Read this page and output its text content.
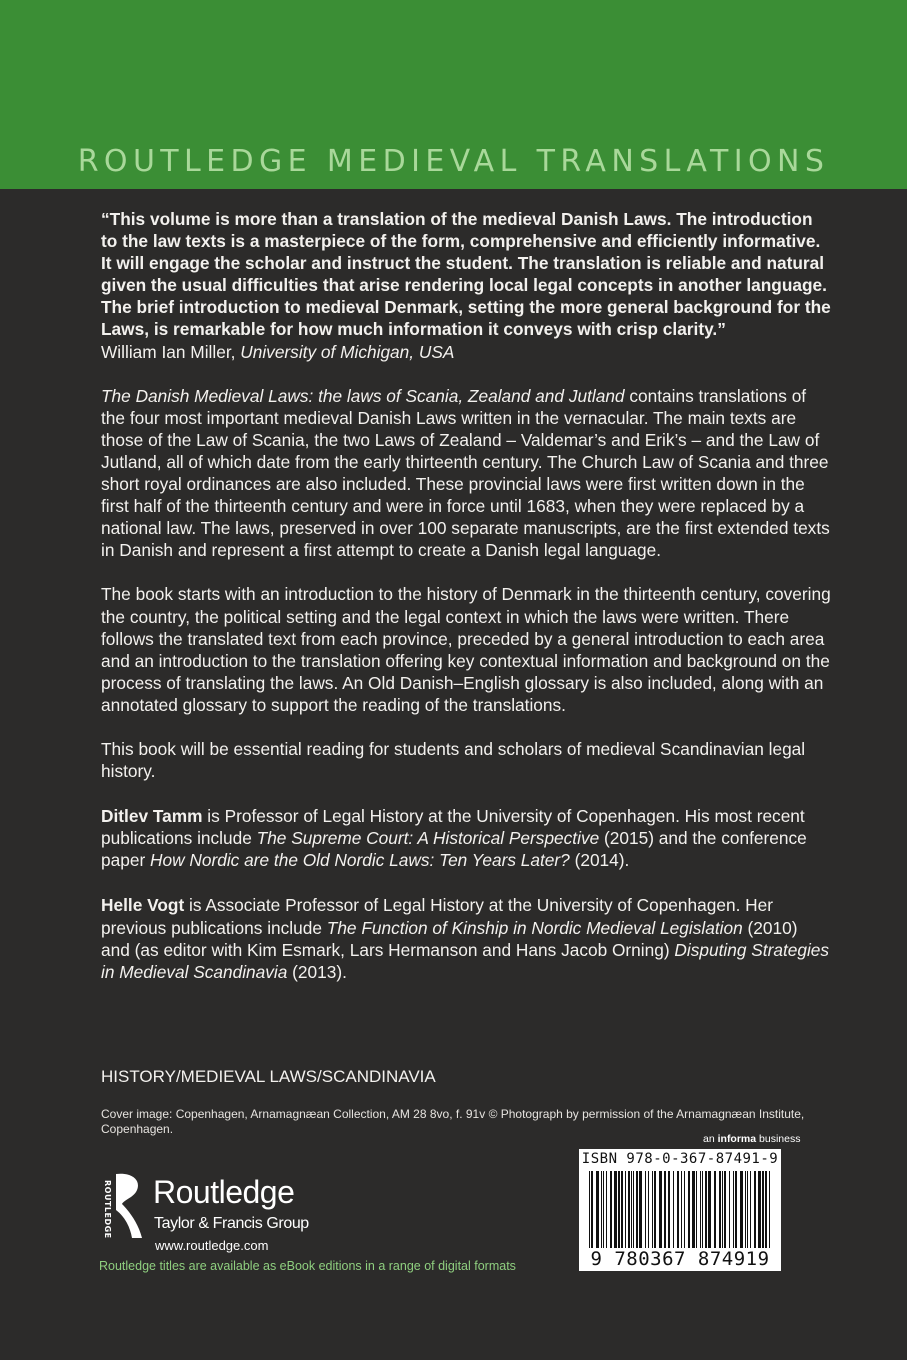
ROUTLEDGE MEDIEVAL TRANSLATIONS

“This volume is more than a translation of the medieval Danish Laws. The introduction to the law texts is a masterpiece of the form, comprehensive and efficiently informative. It will engage the scholar and instruct the student. The translation is reliable and natural given the usual difficulties that arise rendering local legal concepts in another language. The brief introduction to medieval Denmark, setting the more general background for the Laws, is remarkable for how much information it conveys with crisp clarity.”

William Ian Miller, University of Michigan, USA

The Danish Medieval Laws: the laws of Scania, Zealand and Jutland contains translations of the four most important medieval Danish Laws written in the vernacular. The main texts are those of the Law of Scania, the two Laws of Zealand – Valdemar’s and Erik’s – and the Law of Jutland, all of which date from the early thirteenth century. The Church Law of Scania and three short royal ordinances are also included. These provincial laws were first written down in the first half of the thirteenth century and were in force until 1683, when they were replaced by a national law. The laws, preserved in over 100 separate manuscripts, are the first extended texts in Danish and represent a first attempt to create a Danish legal language.

The book starts with an introduction to the history of Denmark in the thirteenth century, covering the country, the political setting and the legal context in which the laws were written. There follows the translated text from each province, preceded by a general introduction to each area and an introduction to the translation offering key contextual information and background on the process of translating the laws. An Old Danish–English glossary is also included, along with an annotated glossary to support the reading of the translations.

This book will be essential reading for students and scholars of medieval Scandinavian legal history.

Ditlev Tamm is Professor of Legal History at the University of Copenhagen. His most recent publications include The Supreme Court: A Historical Perspective (2015) and the conference paper How Nordic are the Old Nordic Laws: Ten Years Later? (2014).

Helle Vogt is Associate Professor of Legal History at the University of Copenhagen. Her previous publications include The Function of Kinship in Nordic Medieval Legislation (2010) and (as editor with Kim Esmark, Lars Hermanson and Hans Jacob Orning) Disputing Strategies in Medieval Scandinavia (2013).

HISTORY/MEDIEVAL LAWS/SCANDINAVIA
Cover image: Copenhagen, Arnamagnæan Collection, AM 28 8vo, f. 91v © Photograph by permission of the Arnamagnæan Institute, Copenhagen.
an informa business
ISBN 978-0-367-87491-9
9 780367 874919
ROUTLEDGE Routledge
Taylor & Francis Group
www.routledge.com
Routledge titles are available as eBook editions in a range of digital formats
